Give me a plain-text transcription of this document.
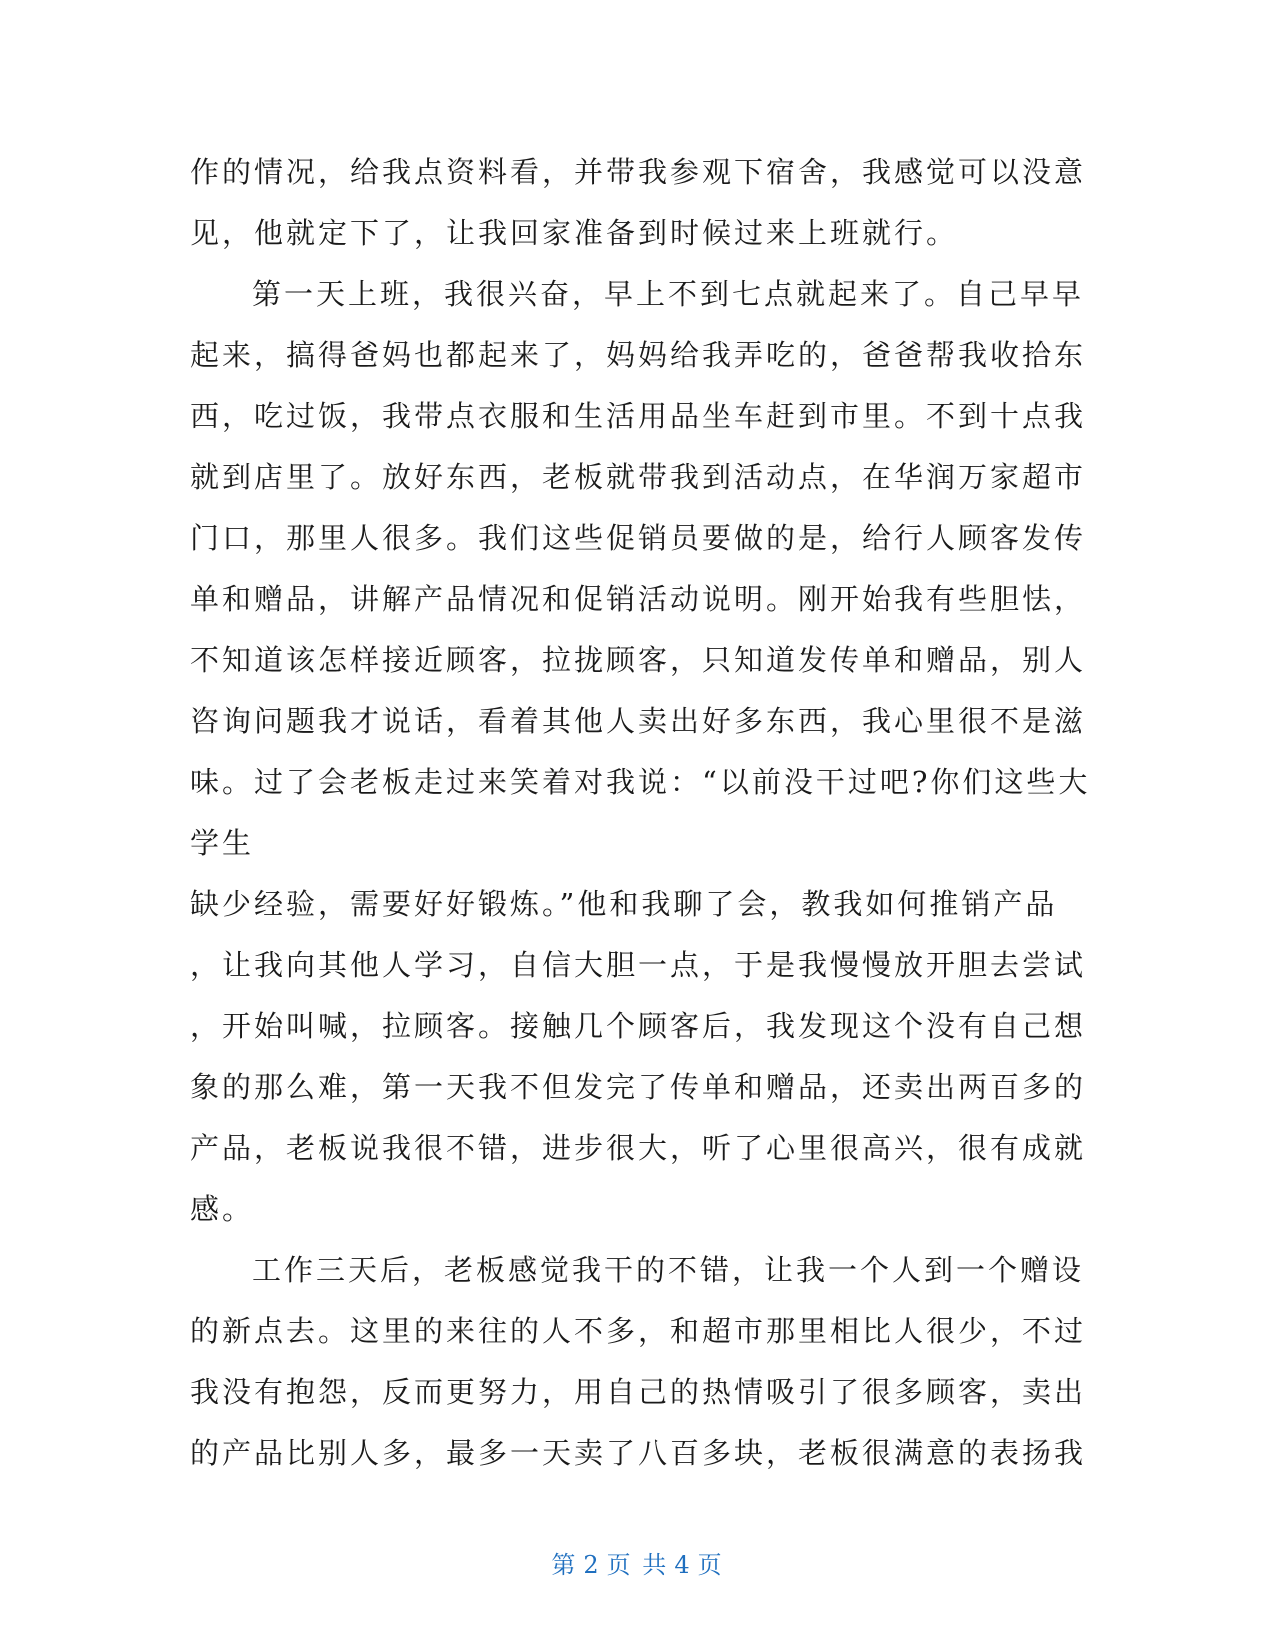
作的情况，给我点资料看，并带我参观下宿舍，我感觉可以没意
见，他就定下了，让我回家准备到时候过来上班就行。
第一天上班，我很兴奋，早上不到七点就起来了。自己早早
起来，搞得爸妈也都起来了，妈妈给我弄吃的，爸爸帮我收拾东
西，吃过饭，我带点衣服和生活用品坐车赶到市里。不到十点我
就到店里了。放好东西，老板就带我到活动点，在华润万家超市
门口，那里人很多。我们这些促销员要做的是，给行人顾客发传
单和赠品，讲解产品情况和促销活动说明。刚开始我有些胆怯，
不知道该怎样接近顾客，拉拢顾客，只知道发传单和赠品，别人
咨询问题我才说话，看着其他人卖出好多东西，我心里很不是滋
味。过了会老板走过来笑着对我说：“以前没干过吧?你们这些大
学生
缺少经验，需要好好锻炼。”他和我聊了会，教我如何推销产品
，让我向其他人学习，自信大胆一点，于是我慢慢放开胆去尝试
，开始叫喊，拉顾客。接触几个顾客后，我发现这个没有自己想
象的那么难，第一天我不但发完了传单和赠品，还卖出两百多的
产品，老板说我很不错，进步很大，听了心里很高兴，很有成就
感。
工作三天后，老板感觉我干的不错，让我一个人到一个赠设
的新点去。这里的来往的人不多，和超市那里相比人很少，不过
我没有抱怨，反而更努力，用自己的热情吸引了很多顾客，卖出
的产品比别人多，最多一天卖了八百多块，老板很满意的表扬我
第 2 页 共 4 页
